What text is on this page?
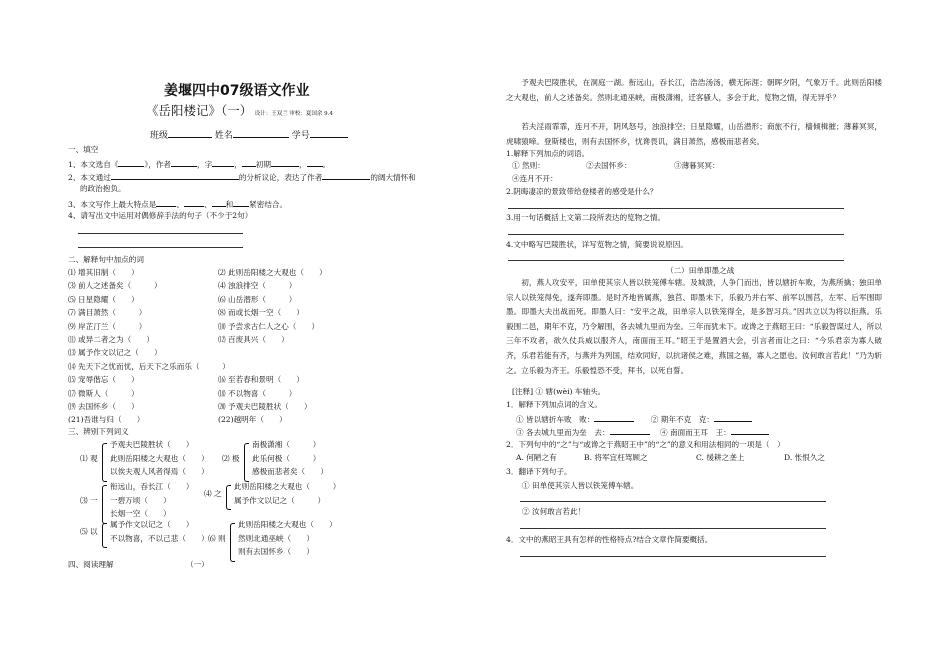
姜堰四中07级语文作业
《岳阳楼记》（一） 设计：王双兰 审校：夏国余 9.4
班级	姓名	学号
一、填空
1、本文选自《	》，作者	，字	， 初期	， 。
2、本文通过	的分析议论，表达了作者	的阔大情怀和
的政治抱负。
3、本文写作上最大特点是	、	、 和 紧密结合。
4、请写出文中运用对偶修辞手法的句子（不少于2句）
二、解释句中加点的词
⑴ 增其旧制（　　）	⑵ 此则岳阳楼之大观也（　　）
⑶ 前人之述备矣（　　　）	⑷ 浊浪排空（　　　）
⑸ 日星隐耀（　　）	⑹ 山岳潜形（　　　）
⑺ 满目萧然（　　　）	⑻ 而或长烟一空（　　）
⑼ 岸芷汀兰（　　　）	⑽ 予尝求古仁人之心（　　）
⑾ 或异二者之为（　　）	⑿ 百废具兴（　　）
⒀ 属予作文以记之（　　）
⒁ 先天下之忧而忧，后天下之乐而乐（　　　）
⒂ 宠辱偕忘（　　）	⒃ 至若春和景明（　　）
⒄ 微斯人（　　　）	⒅ 不以物喜（　　　）
⒆ 去国怀乡（　　）	⒇ 予观夫巴陵胜状（　　）
(21)吾谁与归（　　）	(22)越明年（　　）
三、辨别下列词义
⑴ 观
予观夫巴陵胜状（　　）
此则岳阳楼之大观也（　　）
以俟夫观人风者得焉（　　）
⑵ 极
南极潇湘（　　　）
此乐何极（　　　）
感极而悲者矣（　　）
⑶ 一
衔远山，吞长江（　　）
一碧万顷（　　）
长烟一空（　　）
⑷ 之
此则岳阳楼之大观也（　　　）
属予作文以记之（　　　）
⑸ 以
属予作文以记之（　　）
不以物喜，不以己悲（　　） ⑹ 则
此则岳阳楼之大观也（　　）
然则北通巫峡（　　）
则有去国怀乡（　　）
四、阅读理解	（一）
予观夫巴陵胜状，在洞庭一湖。衔远山，吞长江，浩浩汤汤，横无际涯；朝晖夕阴，气象万千。此则岳阳楼之大观也，前人之述备矣。然则北通巫峡，南极潇湘，迁客骚人，多会于此，览物之情，得无异乎？
若夫淫雨霏霏，连月不开，阴风怒号，浊浪排空；日星隐耀，山岳潜形；商旅不行，樯倾楫摧；薄暮冥冥，虎啸猿啼。登斯楼也，则有去国怀乡，忧谗畏讥，满目萧然，感极而悲者矣。
1.解释下列加点的词语。
① 然则：	②去国怀乡：	③薄暮冥冥：
④连月不开：
2.阴晦凄凉的景致带给登楼者的感受是什么？
3.用一句话概括上文第二段所表达的览物之情。
4.文中略写巴陵胜状，详写览物之情，简要说说原因。
（二）田单即墨之战
初，燕人攻安平，田单使其宗人皆以铁笼傅车辖。及城溃，人争门而出，皆以辖折车败，为燕所擒；独田单宗人以铁笼得免，遂奔即墨。是时齐地皆属燕，独莒、即墨未下，乐毅乃并右军、前军以围莒，左军、后军围即墨。即墨大夫出战而死。即墨人曰：“安平之战，田单宗人以铁笼得全，是多智习兵。”因共立以为将以拒燕。乐毅围二邑，期年不克，乃令解围，各去城九里而为垒。三年而犹未下。或谗之于燕昭王曰：“乐毅智谋过人，所以三年不攻者，欲久仗兵威以服齐人，南面而王耳。”昭王于是置酒大会，引言者而让之曰：“今乐君亲为寡人破齐，乐君若能有齐，与燕并为列国，结欢同好，以抗诸侯之难，燕国之福，寡人之愿也。汝何敢言若此！”乃为斩之。立乐毅为齐王。乐毅惶恐不受，拜书，以死自誓。
[注释] ① 辖(wèi) 车轴头。
1．解释下列加点词的含义。
① 皆以辖折车败　 败：	② 期年不克　 克：
③ 各去城九里而为垒　 去：	④ 南面而王耳　 王：
2．下列句中的“之”与“或谗之于燕昭王中”的“之”的意义和用法相同的一项是（　）
A. 何陋之有	B. 将军宜枉驾顾之	C. 缓耕之垄上	D. 怅恨久之
3．翻译下列句子。
① 田单使其宗人皆以铁笼傅车辖。
② 汝何敢言若此！
4．文中的燕昭王具有怎样的性格特点?结合文章作简要概括。
